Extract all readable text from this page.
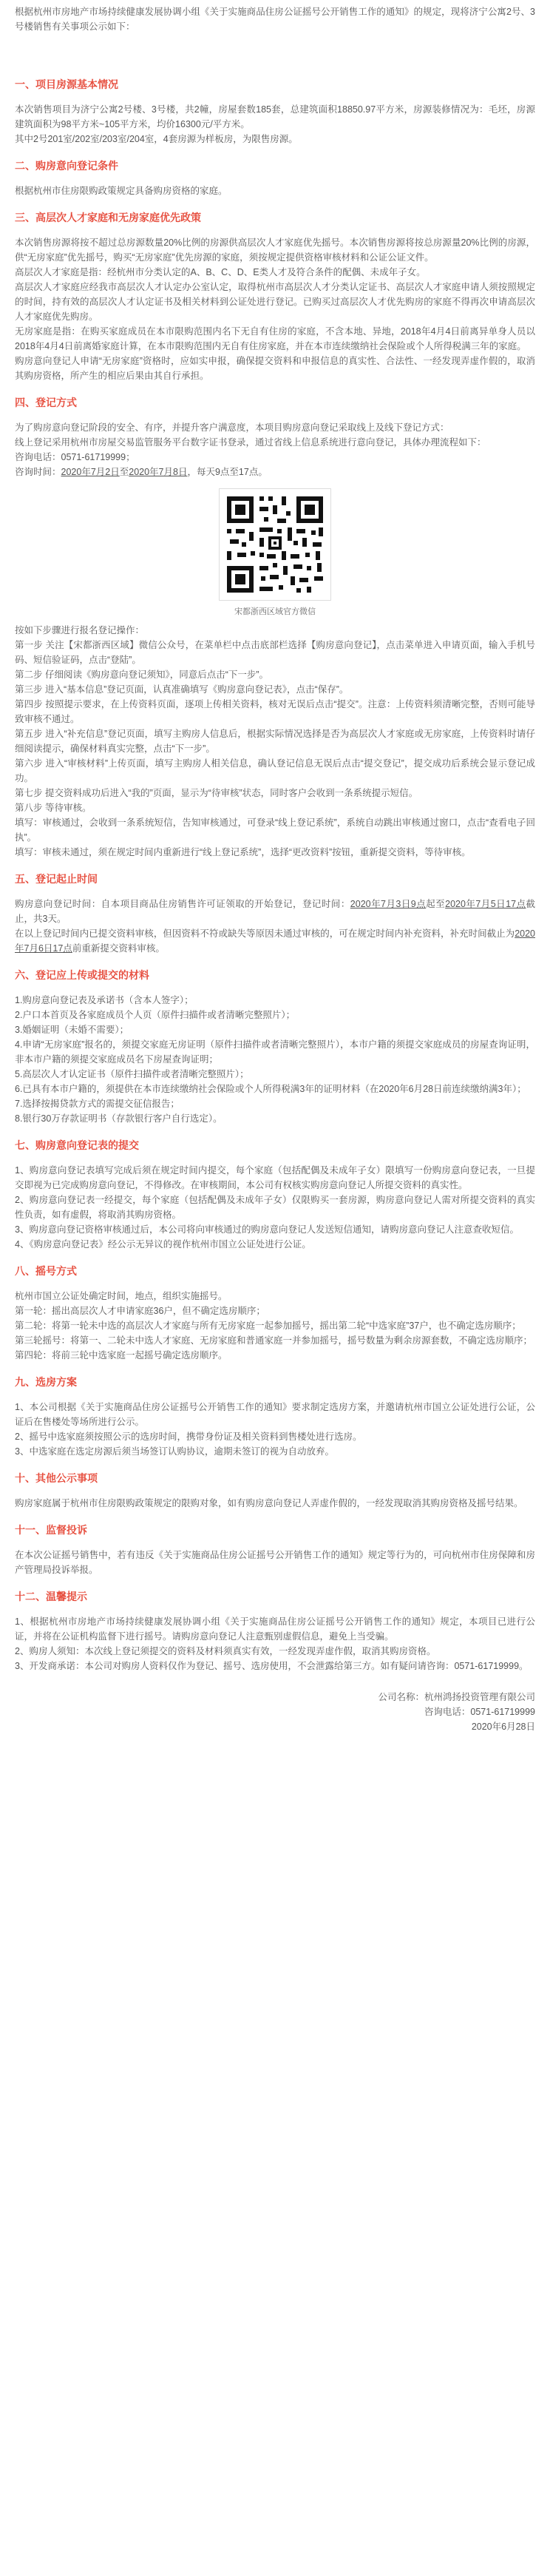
根据杭州市房地产市场持续健康发展协调小组《关于实施商品住房公证摇号公开销售工作的通知》的规定，现将济宁公寓2号、3号楼销售有关事项公示如下：

一、项目房源基本情况

本次销售项目为济宁公寓2号楼、3号楼，共2幢，房屋套数185套，总建筑面积18850.97平方米，房源装修情况为：毛坯，房源建筑面积为98平方米~105平方米，均价16300元/平方米。

其中2号201室/202室/203室/204室，4套房源为样板房，为限售房源。

二、购房意向登记条件

根据杭州市住房限购政策规定具备购房资格的家庭。

三、高层次人才家庭和无房家庭优先政策

本次销售房源将按不超过总房源数量20%比例的房源供高层次人才家庭优先摇号。本次销售房源将按总房源量20%比例的房源，供“无房家庭”优先摇号，购买“无房家庭”优先房源的家庭，须按规定提供资格审核材料和公证公证文件。

高层次人才家庭是指：经杭州市分类认定的A、B、C、D、E类人才及符合条件的配偶、未成年子女。

高层次人才家庭应经我市高层次人才认定办公室认定，取得杭州市高层次人才分类认定证书、高层次人才家庭申请人须按照规定的时间，持有效的高层次人才认定证书及相关材料到公证处进行登记。已购买过高层次人才优先购房的家庭不得再次申请高层次人才家庭优先购房。

无房家庭是指：在购买家庭成员在本市限购范围内名下无自有住房的家庭，不含本地、异地，2018年4月4日前离异单身人员以2018年4月4日前离婚家庭计算，在本市限购范围内无自有住房家庭，并在本市连续缴纳社会保险或个人所得税满三年的家庭。

购房意向登记人申请“无房家庭”资格时，应如实申报，确保提交资料和申报信息的真实性、合法性、一经发现弄虚作假的，取消其购房资格，所产生的相应后果由其自行承担。

四、登记方式

为了购房意向登记阶段的安全、有序，并提升客户满意度，本项目购房意向登记采取线上及线下登记方式：

线上登记采用杭州市房屋交易监管服务平台数字证书登录，通过省线上信息系统进行意向登记，具体办理流程如下：

咨询电话：0571-61719999；

咨询时间：2020年7月2日至2020年7月8日，每天9点至17点。

宋都浙西区域官方微信

按如下步骤进行报名登记操作：

第一步 关注【宋都浙西区域】微信公众号，在菜单栏中点击底部栏选择【购房意向登记】，点击菜单进入申请页面，输入手机号码、短信验证码，点击“登陆”。

第二步 仔细阅读《购房意向登记须知》，同意后点击“下一步”。

第三步 进入“基本信息”登记页面，认真准确填写《购房意向登记表》，点击“保存”。

第四步 按照提示要求，在上传资料页面，逐项上传相关资料，核对无误后点击“提交”。注意：上传资料须清晰完整，否则可能导致审核不通过。

第五步 进入“补充信息”登记页面，填写主购房人信息后，根据实际情况选择是否为高层次人才家庭或无房家庭，上传资料时请仔细阅读提示，确保材料真实完整，点击“下一步”。

第六步 进入“审核材料”上传页面，填写主购房人相关信息，确认登记信息无误后点击“提交登记”，提交成功后系统会显示登记成功。

第七步 提交资料成功后进入“我的”页面，显示为“待审核”状态，同时客户会收到一条系统提示短信。

第八步 等待审核。

填写：审核通过，会收到一条系统短信，告知审核通过，可登录“线上登记系统”，系统自动跳出审核通过窗口，点击“查看电子回执”。

填写：审核未通过，须在规定时间内重新进行“线上登记系统”，选择“更改资料”按钮，重新提交资料，等待审核。

五、登记起止时间

购房意向登记时间：自本项目商品住房销售许可证领取的开始登记，登记时间：2020年7月3日9点起至2020年7月5日17点截止，共3天。

在以上登记时间内已提交资料审核，但因资料不符或缺失等原因未通过审核的，可在规定时间内补充资料，补充时间截止为2020年7月6日17点前重新提交资料审核。

六、登记应上传或提交的材料

1.购房意向登记表及承诺书（含本人签字）；

2.户口本首页及各家庭成员个人页（原件扫描件或者清晰完整照片）；

3.婚姻证明（未婚不需要）；

4.申请“无房家庭”报名的，须提交家庭无房证明（原件扫描件或者清晰完整照片），本市户籍的须提交家庭成员的房屋查询证明，非本市户籍的须提交家庭成员名下房屋查询证明；

5.高层次人才认定证书（原件扫描件或者清晰完整照片）；

6.已具有本市户籍的，须提供在本市连续缴纳社会保险或个人所得税满3年的证明材料（在2020年6月28日前连续缴纳满3年）；

7.选择按揭贷款方式的需提交征信报告；

8.银行30万存款证明书（存款银行客户自行选定）。

七、购房意向登记表的提交

1、购房意向登记表填写完成后须在规定时间内提交，每个家庭（包括配偶及未成年子女）限填写一份购房意向登记表，一旦提交即视为已完成购房意向登记，不得修改。在审核期间，本公司有权核实购房意向登记人所提交资料的真实性。

2、购房意向登记表一经提交，每个家庭（包括配偶及未成年子女）仅限购买一套房源，购房意向登记人需对所提交资料的真实性负责，如有虚假，将取消其购房资格。

3、购房意向登记资格审核通过后，本公司将向审核通过的购房意向登记人发送短信通知，请购房意向登记人注意查收短信。

4、《购房意向登记表》经公示无异议的视作杭州市国立公证处进行公证。

八、摇号方式

杭州市国立公证处确定时间，地点，组织实施摇号。

第一轮：摇出高层次人才申请家庭36户，但不确定选房顺序；

第二轮：将第一轮未中选的高层次人才家庭与所有无房家庭一起参加摇号，摇出第二轮“中选家庭”37户，也不确定选房顺序；

第三轮摇号：将第一、二轮未中选人才家庭、无房家庭和普通家庭一并参加摇号，摇号数量为剩余房源套数，不确定选房顺序；

第四轮：将前三轮中选家庭一起摇号确定选房顺序。

九、选房方案

1、本公司根据《关于实施商品住房公证摇号公开销售工作的通知》要求制定选房方案，并邀请杭州市国立公证处进行公证，公证后在售楼处等场所进行公示。

2、摇号中选家庭须按照公示的选房时间，携带身份证及相关资料到售楼处进行选房。

3、中选家庭在选定房源后须当场签订认购协议，逾期未签订的视为自动放弃。

十、其他公示事项

购房家庭属于杭州市住房限购政策规定的限购对象，如有购房意向登记人弄虚作假的，一经发现取消其购房资格及摇号结果。

十一、监督投诉

在本次公证摇号销售中，若有违反《关于实施商品住房公证摇号公开销售工作的通知》规定等行为的，可向杭州市住房保障和房产管理局投诉举报。

十二、温馨提示

1、根据杭州市房地产市场持续健康发展协调小组《关于实施商品住房公证摇号公开销售工作的通知》规定，本项目已进行公证，并将在公证机构监督下进行摇号。请购房意向登记人注意甄别虚假信息，避免上当受骗。

2、购房人须知：本次线上登记须提交的资料及材料须真实有效，一经发现弄虚作假，取消其购房资格。

3、开发商承诺：本公司对购房人资料仅作为登记、摇号、选房使用，不会泄露给第三方。如有疑问请咨询：0571-61719999。

公司名称：杭州鸿扬投资管理有限公司
咨询电话：0571-61719999
2020年6月28日
